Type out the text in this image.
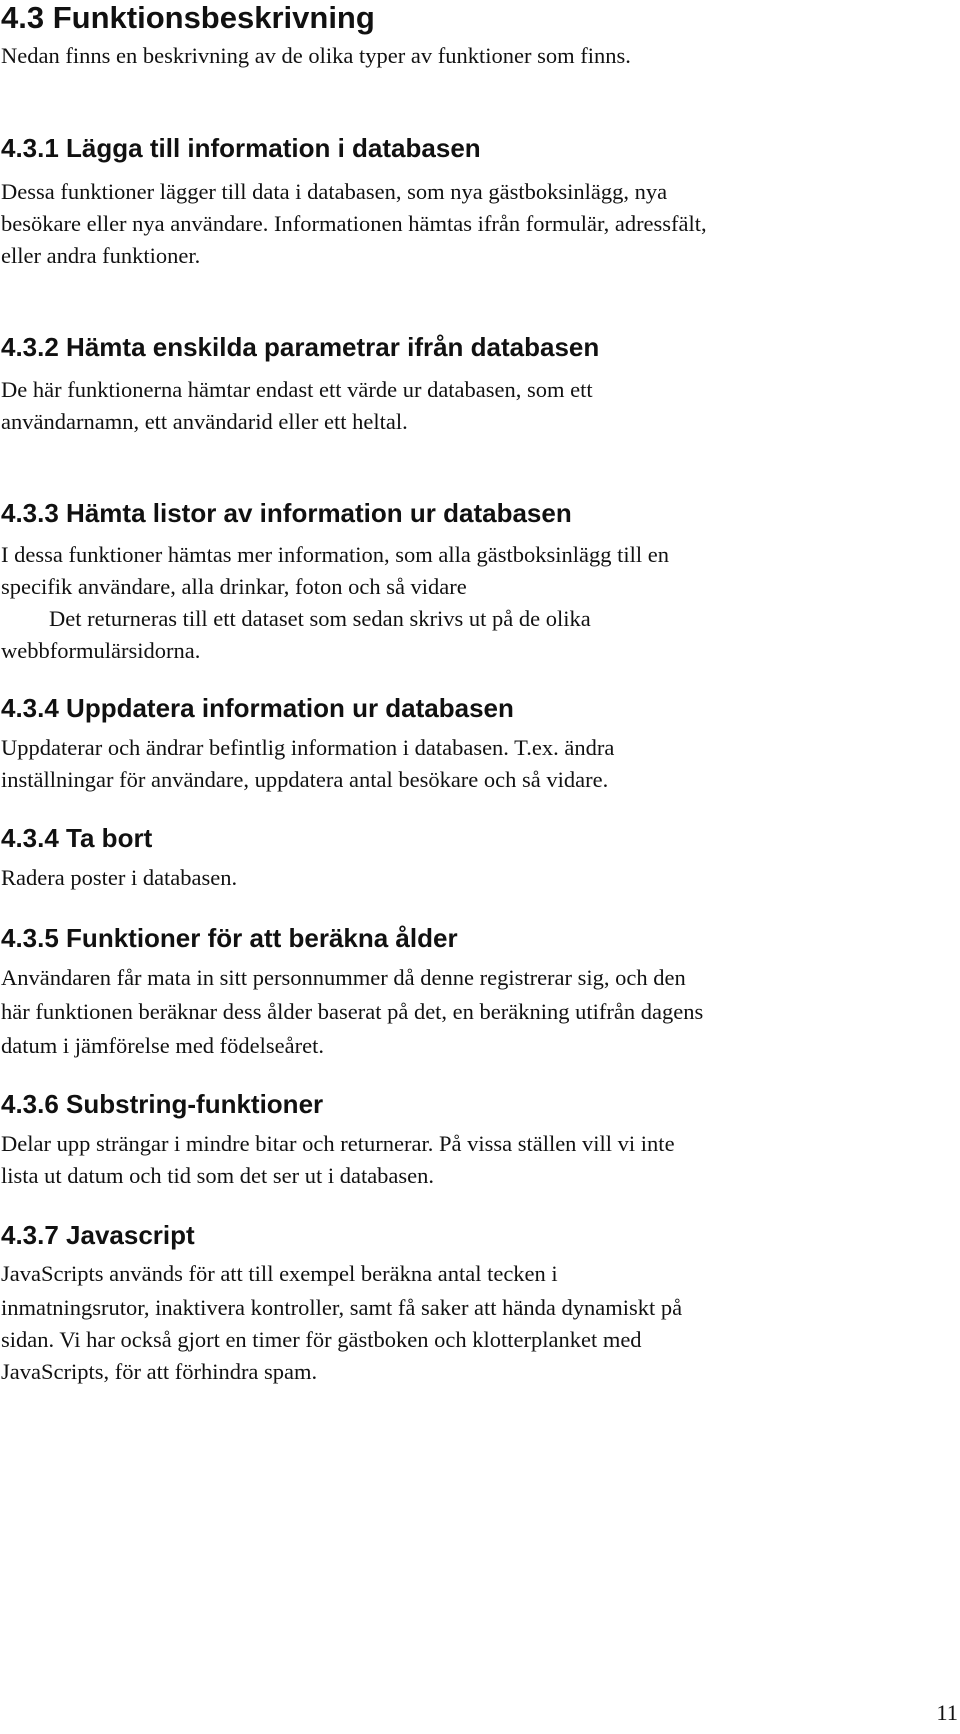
4.3 Funktionsbeskrivning

Nedan finns en beskrivning av de olika typer av funktioner som finns.

4.3.1 Lägga till information i databasen

Dessa funktioner lägger till data i databasen, som nya gästboksinlägg, nya

besökare eller nya användare. Informationen hämtas ifrån formulär, adressfält,

eller andra funktioner.

4.3.2 Hämta enskilda parametrar ifrån databasen

De här funktionerna hämtar endast ett värde ur databasen, som ett

användarnamn, ett användarid eller ett heltal.

4.3.3 Hämta listor av information ur databasen

I dessa funktioner hämtas mer information, som alla gästboksinlägg till en

specifik användare, alla drinkar, foton och så vidare

Det returneras till ett dataset som sedan skrivs ut på de olika

webbformulärsidorna.

4.3.4 Uppdatera information ur databasen

Uppdaterar och ändrar befintlig information i databasen. T.ex. ändra

inställningar för användare, uppdatera antal besökare och så vidare.

4.3.4 Ta bort

Radera poster i databasen.

4.3.5 Funktioner för att beräkna ålder

Användaren får mata in sitt personnummer då denne registrerar sig, och den

här funktionen beräknar dess ålder baserat på det, en beräkning utifrån dagens

datum i jämförelse med födelseåret.

4.3.6 Substring-funktioner

Delar upp strängar i mindre bitar och returnerar. På vissa ställen vill vi inte

lista ut datum och tid som det ser ut i databasen.

4.3.7 Javascript

JavaScripts används för att till exempel beräkna antal tecken i

inmatningsrutor, inaktivera kontroller, samt få saker att hända dynamiskt på

sidan. Vi har också gjort en timer för gästboken och klotterplanket med

JavaScripts, för att förhindra spam.

11
